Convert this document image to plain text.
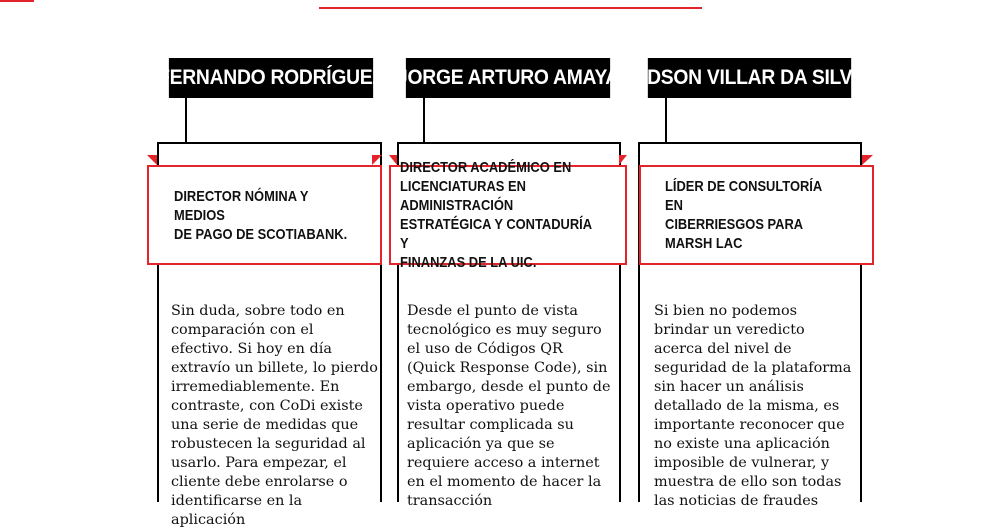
FERNANDO RODRÍGUEZ
DIRECTOR NÓMINA Y MEDIOS
DE PAGO DE SCOTIABANK.
Sin duda, sobre todo en comparación con el efectivo. Si hoy en día extravío un billete, lo pierdo irremediablemente. En contraste, con CoDi existe una serie de medidas que robustecen la seguridad al usarlo. Para empezar, el cliente debe enrolarse o identificarse en la aplicación
JORGE ARTURO AMAYA
DIRECTOR ACADÉMICO EN
LICENCIATURAS EN ADMINISTRACIÓN
ESTRATÉGICA Y CONTADURÍA Y
FINANZAS DE LA UIC.
Desde el punto de vista tecnológico es muy seguro el uso de Códigos QR (Quick Response Code), sin embargo, desde el punto de vista operativo puede resultar complicada su aplicación ya que se requiere acceso a internet en el momento de hacer la transacción
EDSON VILLAR DA SILVA
LÍDER DE CONSULTORÍA EN
CIBERRIESGOS PARA MARSH LAC
Si bien no podemos brindar un veredicto acerca del nivel de seguridad de la plataforma sin hacer un análisis detallado de la misma, es importante reconocer que no existe una aplicación imposible de vulnerar, y muestra de ello son todas las noticias de fraudes
